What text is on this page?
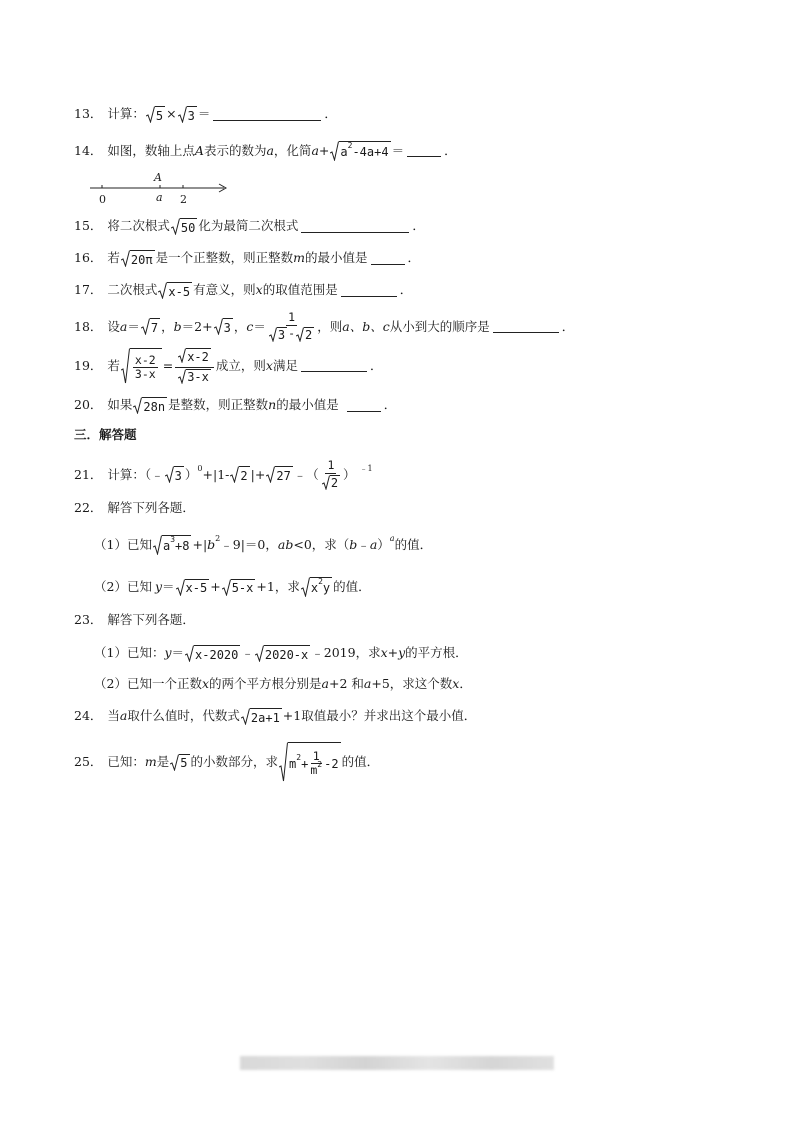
13． 计算： 5 × 3 ＝	．
14． 如图，数轴上点 A 表示的数为 a ，化简 a + a 2 -4a+4 ＝	．
A
0	a 2
15． 将二次根式 50 化为最简二次根式	．
16． 若 20π 是一个正整数，则正整数 m 的最小值是	．
17． 二次根式 x-5 有意义，则 x 的取值范围是	．
18． 设 a ＝ 7 ， b ＝2+ 3 ， $c = \frac{1}{3 - 2}$ ，则 a、b、c 从小到大的顺序是	．
19． 若 $\frac{x-2}{3-x} = \frac{x-2}{3-x}$ 成立，则 x 满足	．
20． 如果 28n 是整数，则正整数 n 的最小值是	．
三．解答题
21． 计算：（﹣ 3 ） 0 + | 1- 2 | + 27 ﹣（ $\frac{1}{2}$ ） ﹣1
22． 解答下列各题．
（1）已知 a 3 +8 +| b 2 ﹣9|＝0， ab <0，求（ b ﹣ a ） a 的值．
（2）已知 y ＝ x-5 + 5-x +1，求 x 2 y 的值．
23． 解答下列各题．
（1）已知： y ＝ x-2020 ﹣ 2020-x ﹣2019，求 x+y 的平方根．
（2）已知一个正数 x 的两个平方根分别是 a +2 和 a +5，求这个数 x ．
24． 当 a 取什么值时，代数式 2a+1 +1取值最小？并求出这个最小值．
25． 已知： m 是 5 的小数部分，求 m $2 + \frac{1}{m 2} -2$ 的值．
